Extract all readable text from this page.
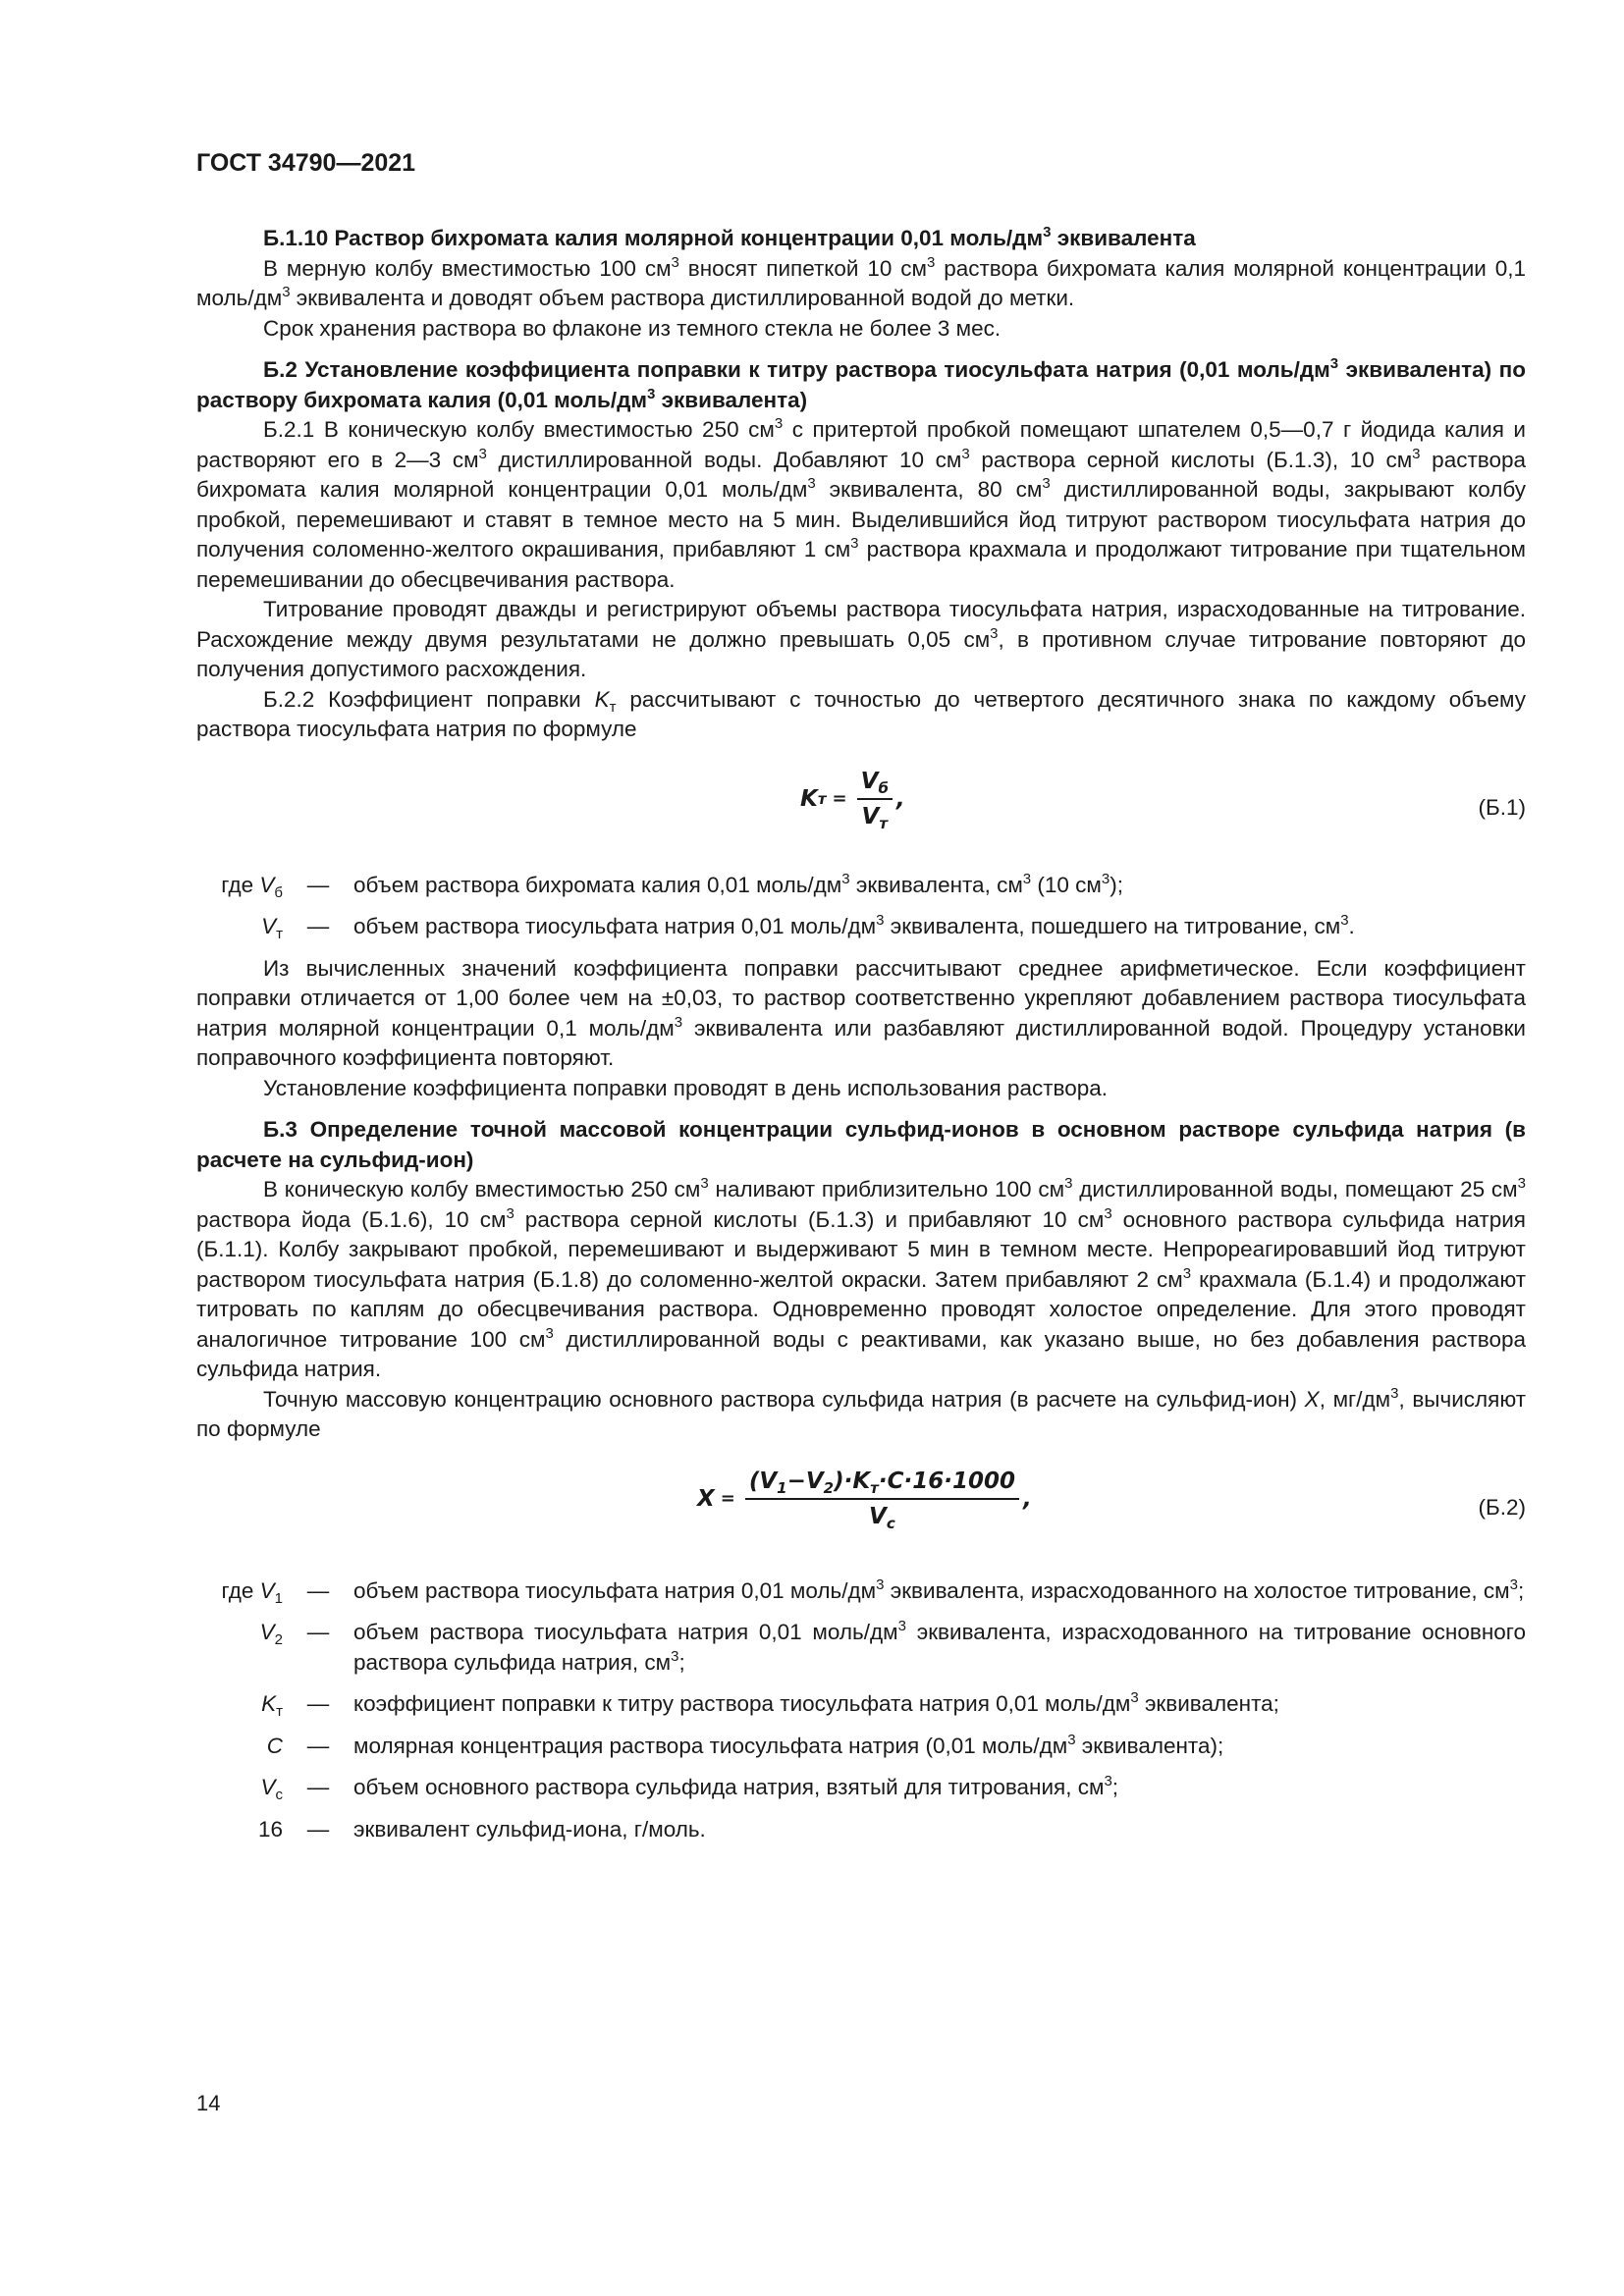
ГОСТ 34790—2021

Б.1.10 Раствор бихромата калия молярной концентрации 0,01 моль/$дм^3$ эквивалента

В мерную колбу вместимостью 100 $см^3$ вносят пипеткой 10 $см^3$ раствора бихромата калия молярной концентрации 0,1 моль/$дм^3$ эквивалента и доводят объем раствора дистиллированной водой до метки.

Срок хранения раствора во флаконе из темного стекла не более 3 мес.

Б.2 Установление коэффициента поправки к титру раствора тиосульфата натрия (0,01 моль/$дм^3$ эквивалента) по раствору бихромата калия (0,01 моль/$дм^3$ эквивалента)

Б.2.1 В коническую колбу вместимостью 250 $см^3$ с притертой пробкой помещают шпателем 0,5—0,7 г йодида калия и растворяют его в 2—3 $см^3$ дистиллированной воды. Добавляют 10 $см^3$ раствора серной кислоты (Б.1.3), 10 $см^3$ раствора бихромата калия молярной концентрации 0,01 моль/$дм^3$ эквивалента, 80 $см^3$ дистиллированной воды, закрывают колбу пробкой, перемешивают и ставят в темное место на 5 мин. Выделившийся йод титруют раствором тиосульфата натрия до получения соломенно-желтого окрашивания, прибавляют 1 $см^3$ раствора крахмала и продолжают титрование при тщательном перемешивании до обесцвечивания раствора.

Титрование проводят дважды и регистрируют объемы раствора тиосульфата натрия, израсходованные на титрование. Расхождение между двумя результатами не должно превышать 0,05 $см^3$, в противном случае титрование повторяют до получения допустимого расхождения.

Б.2.2 Коэффициент поправки $K_т$ рассчитывают с точностью до четвертого десятичного знака по каждому объему раствора тиосульфата натрия по формуле

K $т = \frac{V_б}{V_т}$ ,	(Б.1)
где $V_б$	—	объем раствора бихромата калия 0,01 моль/$дм^3$ эквивалента, $см^3$ (10 $см^3$);
$V_т$	—	объем раствора тиосульфата натрия 0,01 моль/$дм^3$ эквивалента, пошедшего на титрование, $см^3$.

Из вычисленных значений коэффициента поправки рассчитывают среднее арифметическое. Если коэффициент поправки отличается от 1,00 более чем на ±0,03, то раствор соответственно укрепляют добавлением раствора тиосульфата натрия молярной концентрации 0,1 моль/$дм^3$ эквивалента или разбавляют дистиллированной водой. Процедуру установки поправочного коэффициента повторяют.

Установление коэффициента поправки проводят в день использования раствора.

Б.3 Определение точной массовой концентрации сульфид-ионов в основном растворе сульфида натрия (в расчете на сульфид-ион)

В коническую колбу вместимостью 250 $см^3$ наливают приблизительно 100 $см^3$ дистиллированной воды, помещают 25 $см^3$ раствора йода (Б.1.6), 10 $см^3$ раствора серной кислоты (Б.1.3) и прибавляют 10 $см^3$ основного раствора сульфида натрия (Б.1.1). Колбу закрывают пробкой, перемешивают и выдерживают 5 мин в темном месте. Непрореагировавший йод титруют раствором тиосульфата натрия (Б.1.8) до соломенно-желтой окраски. Затем прибавляют 2 $см^3$ крахмала (Б.1.4) и продолжают титровать по каплям до обесцвечивания раствора. Одновременно проводят холостое определение. Для этого проводят аналогичное титрование 100 $см^3$ дистиллированной воды с реактивами, как указано выше, но без добавления раствора сульфида натрия.

Точную массовую концентрацию основного раствора сульфида натрия (в расчете на сульфид-ион) X, $мг/дм^3$, вычисляют по формуле

$X = \frac{(V_1-V_2)\cdot K_т\cdot C\cdot 16\cdot 1000}{V_c}$ ,	(Б.2)
где $V_1$	—	объем раствора тиосульфата натрия 0,01 моль/$дм^3$ эквивалента, израсходованного на холостое титрование, $см^3$;
$V_2$	—	объем раствора тиосульфата натрия 0,01 моль/$дм^3$ эквивалента, израсходованного на титрование основного раствора сульфида натрия, $см^3$;
$K_т$	—	коэффициент поправки к титру раствора тиосульфата натрия 0,01 моль/$дм^3$ эквивалента;
C	—	молярная концентрация раствора тиосульфата натрия (0,01 моль/$дм^3$ эквивалента);
$V_c$	—	объем основного раствора сульфида натрия, взятый для титрования, $см^3$;
16	—	эквивалент сульфид-иона, г/моль.
14
